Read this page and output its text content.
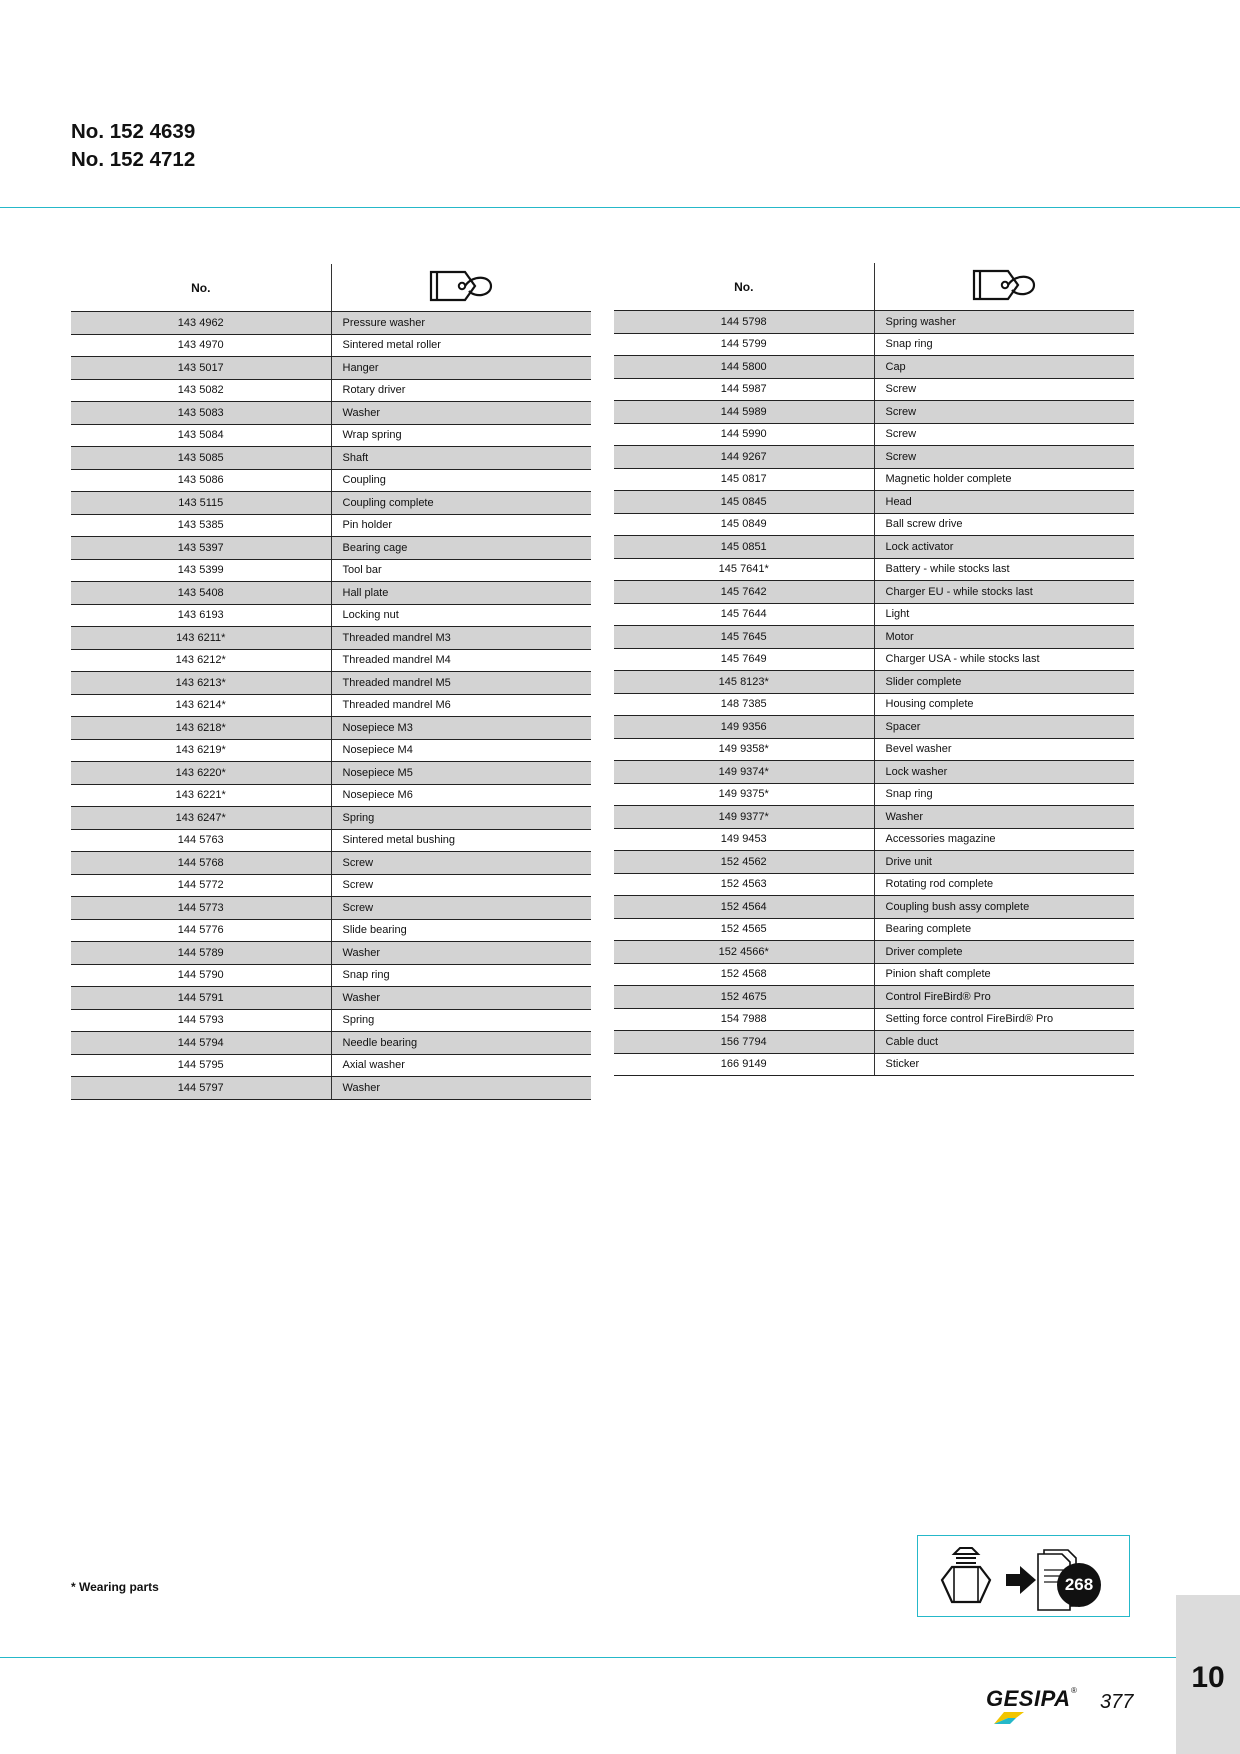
No. 152 4639
No. 152 4712
No.	
143 4962	Pressure washer
143 4970	Sintered metal roller
143 5017	Hanger
143 5082	Rotary driver
143 5083	Washer
143 5084	Wrap spring
143 5085	Shaft
143 5086	Coupling
143 5115	Coupling complete
143 5385	Pin holder
143 5397	Bearing cage
143 5399	Tool bar
143 5408	Hall plate
143 6193	Locking nut
143 6211*	Threaded mandrel M3
143 6212*	Threaded mandrel M4
143 6213*	Threaded mandrel M5
143 6214*	Threaded mandrel M6
143 6218*	Nosepiece M3
143 6219*	Nosepiece M4
143 6220*	Nosepiece M5
143 6221*	Nosepiece M6
143 6247*	Spring
144 5763	Sintered metal bushing
144 5768	Screw
144 5772	Screw
144 5773	Screw
144 5776	Slide bearing
144 5789	Washer
144 5790	Snap ring
144 5791	Washer
144 5793	Spring
144 5794	Needle bearing
144 5795	Axial washer
144 5797	Washer
No.	
144 5798	Spring washer
144 5799	Snap ring
144 5800	Cap
144 5987	Screw
144 5989	Screw
144 5990	Screw
144 9267	Screw
145 0817	Magnetic holder complete
145 0845	Head
145 0849	Ball screw drive
145 0851	Lock activator
145 7641*	Battery - while stocks last
145 7642	Charger EU - while stocks last
145 7644	Light
145 7645	Motor
145 7649	Charger USA - while stocks last
145 8123*	Slider complete
148 7385	Housing complete
149 9356	Spacer
149 9358*	Bevel washer
149 9374*	Lock washer
149 9375*	Snap ring
149 9377*	Washer
149 9453	Accessories magazine
152 4562	Drive unit
152 4563	Rotating rod complete
152 4564	Coupling bush assy complete
152 4565	Bearing complete
152 4566*	Driver complete
152 4568	Pinion shaft complete
152 4675	Control FireBird® Pro
154 7988	Setting force control FireBird® Pro
156 7794	Cable duct
166 9149	Sticker
* Wearing parts	268
GESIPA ®
377
10
